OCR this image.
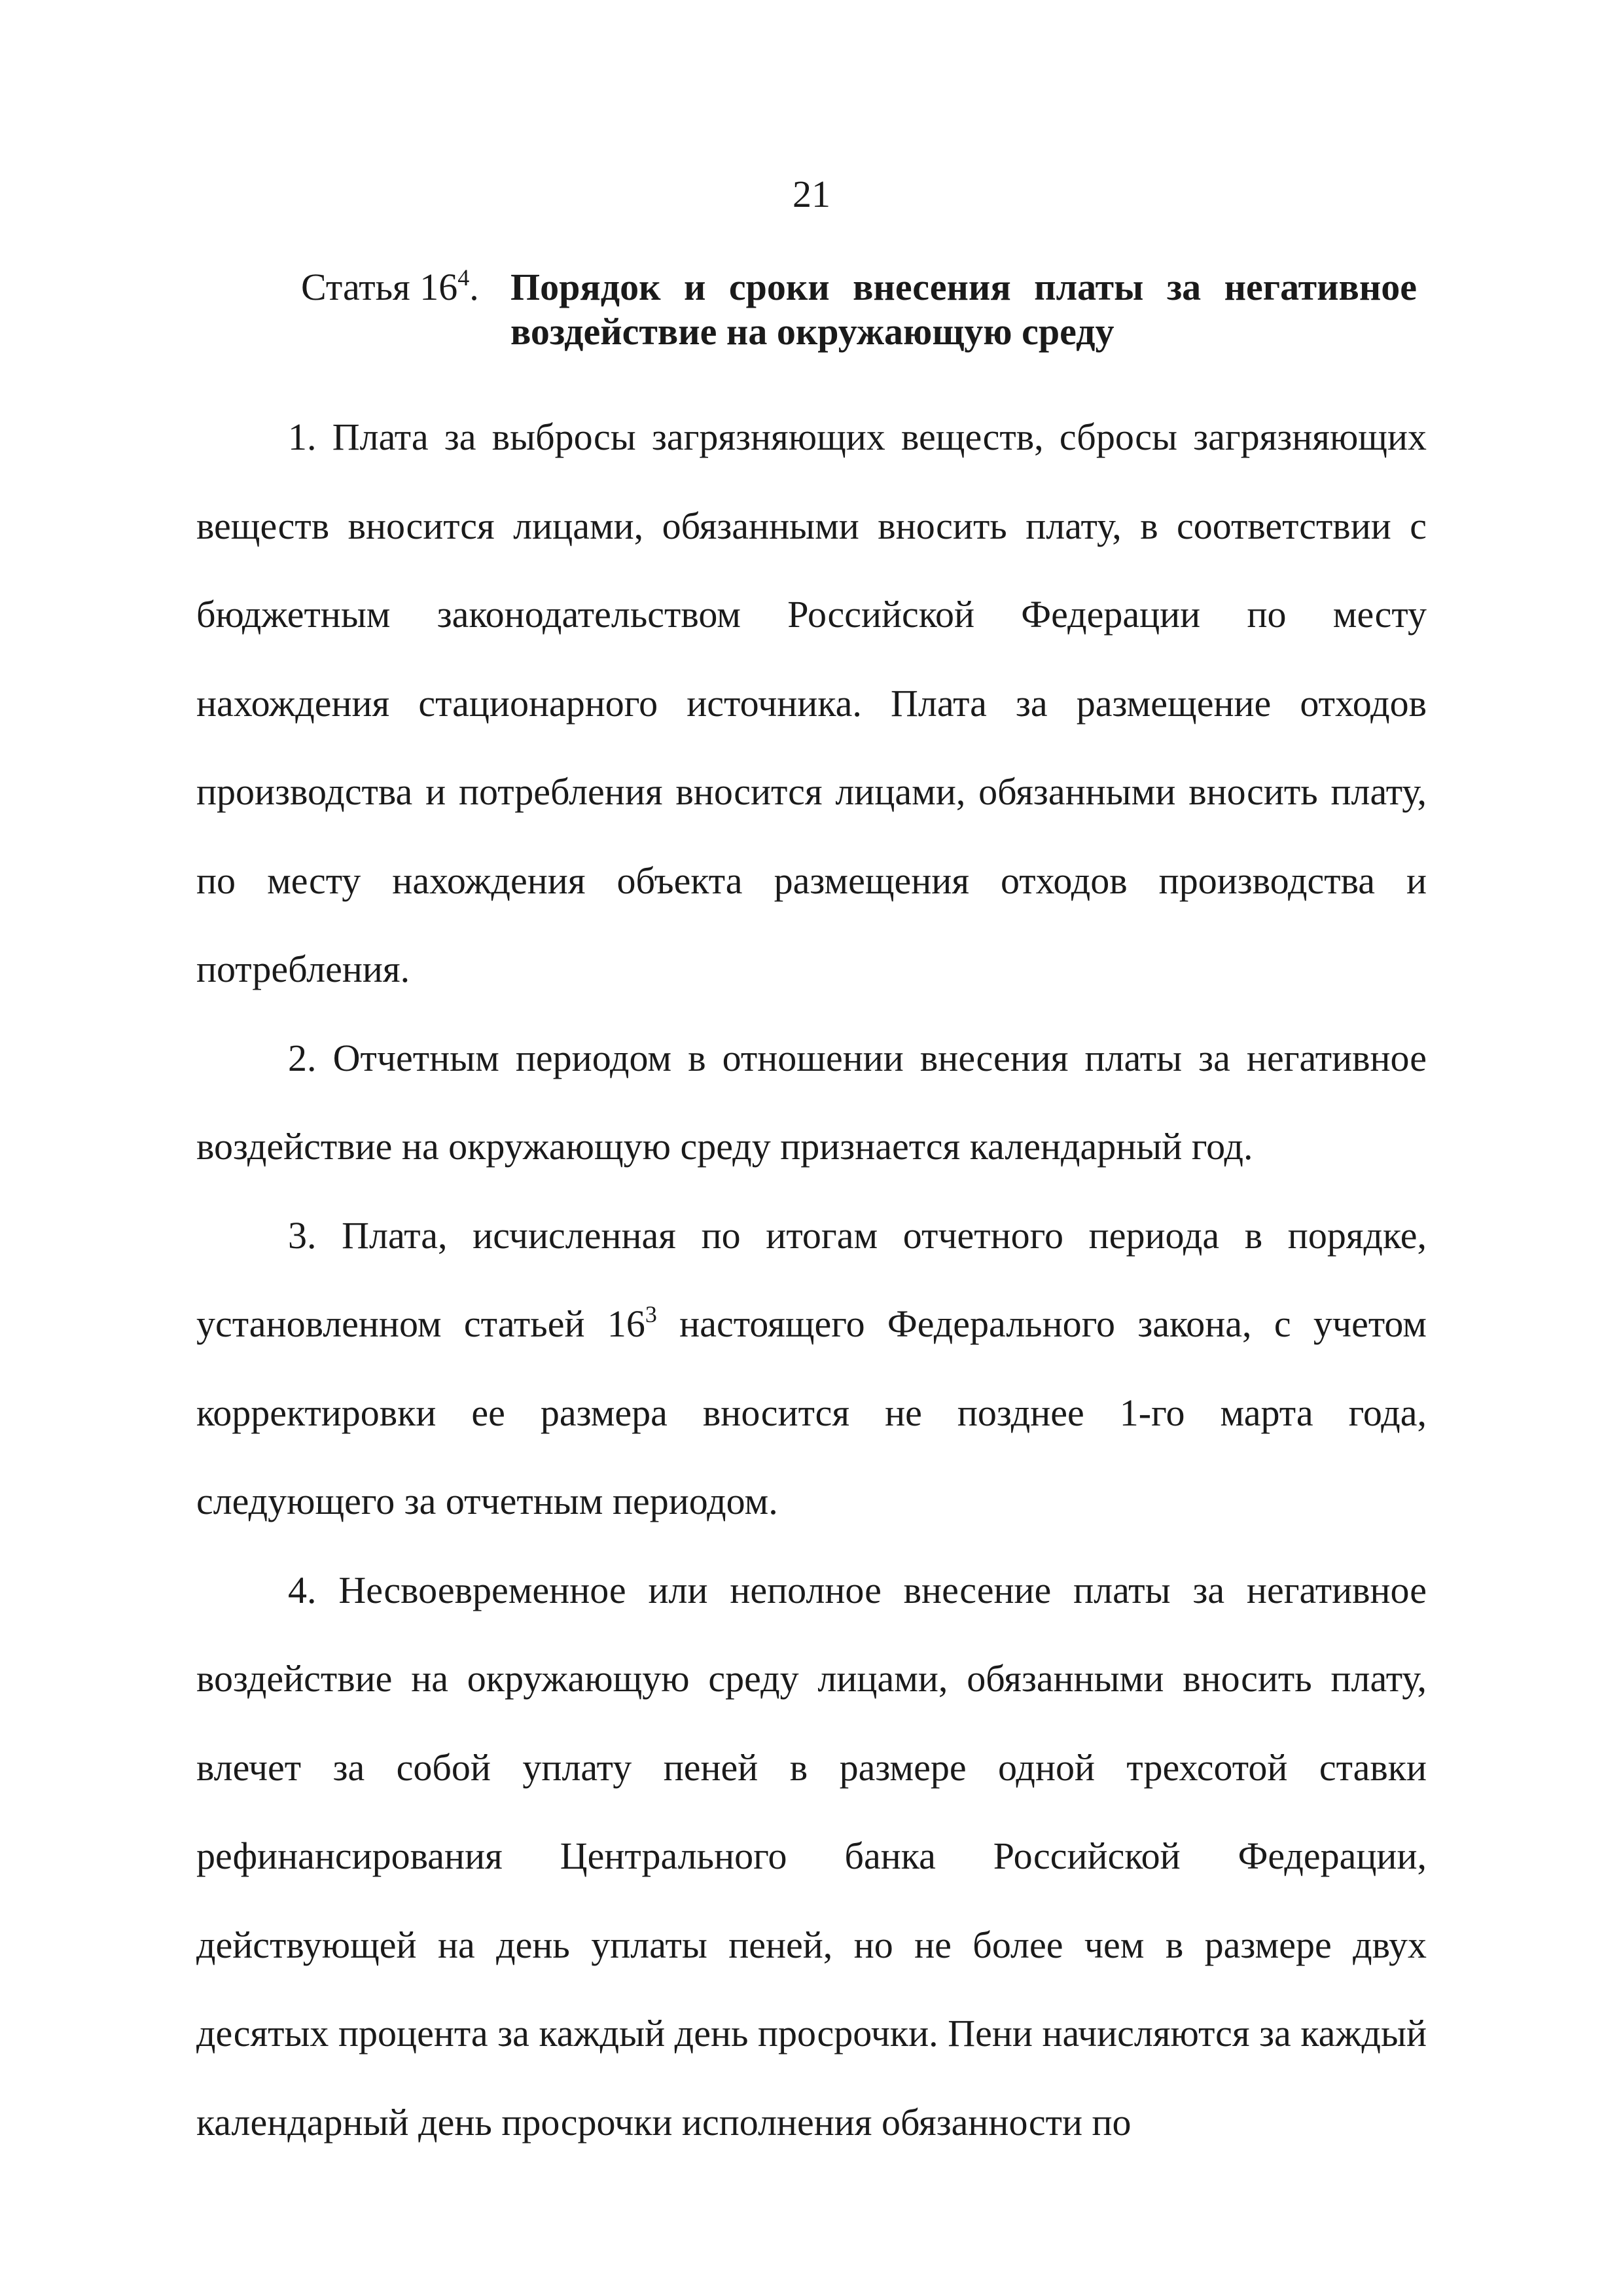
21
Статья $16^4$. Порядок и сроки внесения платы за негативное воздействие на окружающую среду

1. Плата за выбросы загрязняющих веществ, сбросы загрязняющих веществ вносится лицами, обязанными вносить плату, в соответствии с бюджетным законодательством Российской Федерации по месту нахождения стационарного источника. Плата за размещение отходов производства и потребления вносится лицами, обязанными вносить плату, по месту нахождения объекта размещения отходов производства и потребления.

2. Отчетным периодом в отношении внесения платы за негативное воздействие на окружающую среду признается календарный год.

3. Плата, исчисленная по итогам отчетного периода в порядке, установленном статьей $16^3$ настоящего Федерального закона, с учетом корректировки ее размера вносится не позднее 1-го марта года, следующего за отчетным периодом.

4. Несвоевременное или неполное внесение платы за негативное воздействие на окружающую среду лицами, обязанными вносить плату, влечет за собой уплату пеней в размере одной трехсотой ставки рефинансирования Центрального банка Российской Федерации, действующей на день уплаты пеней, но не более чем в размере двух десятых процента за каждый день просрочки. Пени начисляются за каждый календарный день просрочки исполнения обязанности по
